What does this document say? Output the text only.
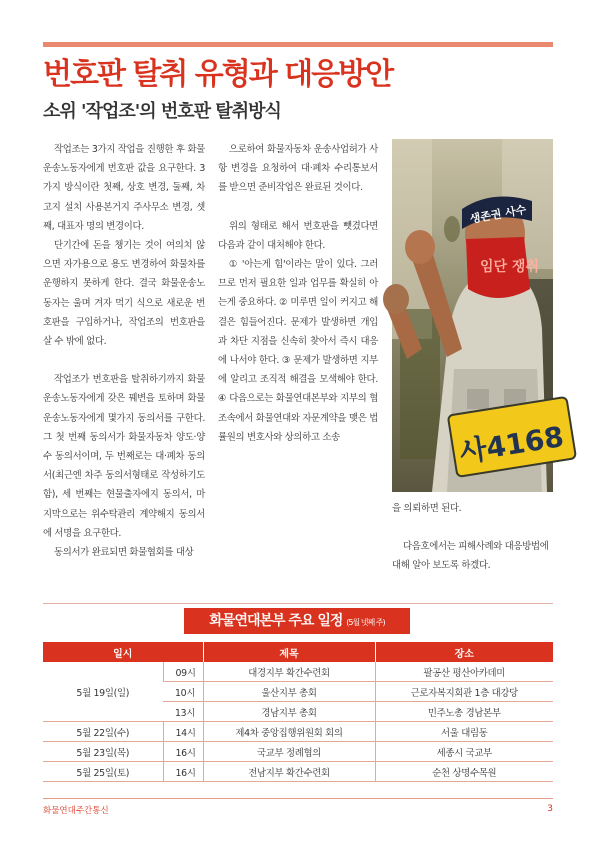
번호판 탈취 유형과 대응방안
소위 '작업조'의 번호판 탈취방식

작업조는 3가지 작업을 진행한 후 화물운송노동자에게 번호판 값을 요구한다. 3가지 방식이란 첫째, 상호 변경, 둘째, 차고지 설치 사용본거지 주사무소 변경, 셋째, 대표자 명의 변경이다.

단기간에 돈을 챙기는 것이 여의치 않으면 자가용으로 용도 변경하여 화물차를 운행하지 못하게 한다. 결국 화물운송노동자는 울며 겨자 먹기 식으로 새로운 번호판을 구입하거나, 작업조의 번호판을 살 수 밖에 없다.

작업조가 번호판을 탈취하기까지 화물운송노동자에게 갖은 꿰변을 토하며 화물운송노동자에게 몇가지 동의서를 구한다. 그 첫 번째 동의서가 화물자동차 양도·양수 동의서이며, 두 번째로는 대·폐차 동의서(최근엔 차주 동의서형태로 작성하기도 함), 세 번째는 현물출자에지 동의서, 마지막으로는 위수탁관리 계약해지 동의서에 서명을 요구한다.

동의서가 완료되면 화물협회를 대상

으로하여 화물자동차 운송사업허가 사항 변경을 요청하여 대·폐차 수리통보서를 받으면 준비작업은 완료된 것이다.

위의 형태로 해서 번호판을 뺏겼다면 다음과 같이 대처해야 한다.

① '아는게 힘'이라는 말이 있다. 그러므로 먼저 필요한 일과 업무를 확실히 아는게 중요하다. ② 미루면 일이 커지고 해결은 힘들어진다. 문제가 발생하면 개입과 차단 지점을 신속히 찾아서 즉시 대응에 나서야 한다. ③ 문제가 발생하면 지부에 알리고 조직적 해결을 모색해야 한다. ④ 다음으로는 화물연대본부와 지부의 협조속에서 화물연대와 자문계약을 맺은 법률원의 변호사와 상의하고 소송

생존권 사수
임단 쟁취
사4168

을 의뢰하면 된다.

다음호에서는 피해사례와 대응방법에 대해 알아 보도록 하겠다.

화물연대본부 주요 일정 (5월 넷째 주)
일시		제목	장소
5월 19일(일)	09시	대경지부 확간수련회	팔공산 평산아카데미
	10시	울산지부 총회	근로자복지회관 1층 대강당
	13시	경남지부 총회	민주노총 경남본부
5월 22일(수)	14시	제4차 중앙집행위원회 회의	서울 대림동
5월 23일(목)	16시	국교부 정례협의	세종시 국교부
5월 25일(토)	16시	전남지부 확간수련회	순천 상명수목원
화물연대주간통신	3
